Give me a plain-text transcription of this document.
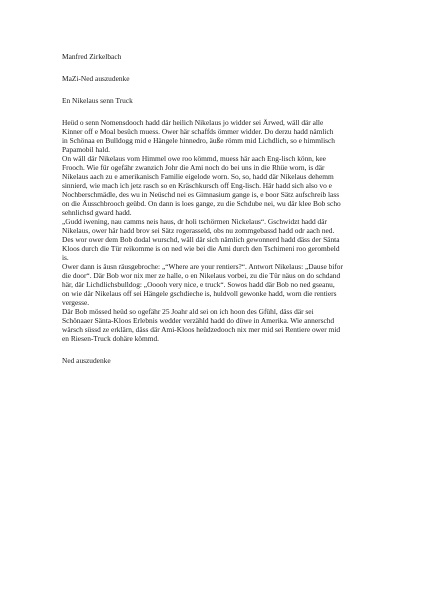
Manfred Zirkelbach

MaZi-Ned auszudenke

En Nikelaus senn Truck

Heüd o senn Nomensdooch hadd där heilich Nikelaus jo widder sei Ärwed, wäll där alle

Kinner off e Moal besüch muess. Ower här schaffds ömmer widder. Do derzu hadd nämlich

in Schönaa en Bulldogg mid e Hängele hinnedro, äuße römm mid Lichdlich, so e himmlisch

Papamobil hald.

On wäll där Nikelaus vom Himmel owe roo kömmd, muess här aach Eng-lisch könn, kee

Frooch. Wie für ogefähr zwanzich Johr die Ami noch do bei uns in die Rhüe worn, is där

Nikelaus aach zu e amerikanisch Familie eigelode worn. So, so, hadd där Nikelaus dehemm

sinnierd, wie mach ich jetz rasch so en Kräschkursch off Eng-lisch. Här hadd sich also vo e

Nochberschmädle, des wu in Neüschd nei es Gimnasium gange is, e boor Sätz aufschreib lass

on die Äusschbrooch geübd. On dann is loes gange, zu die Schdube nei, wu där klee Bob scho

sehnlichsd gward hadd.

„Gudd iwening, nau camms neis haus, dr holi tschörmen Nickelaus“. Gschwidzt hadd där

Nikelaus, ower här hadd brov sei Sätz rogerasseld, obs nu zommgebassd hadd odr aach ned.

Des wor ower dem Bob dodal wurschd, wäll där sich nämlich gewonnerd hadd däss der Sänta

Kloos durch die Tür reikomme is on ned wie bei die Ami durch den Tschimeni roo gerombeld

is.

Ower dann is äusn räusgebroche: „“Where are your rentiers?“. Antwort Nikelaus: „Dause bifor

die door“. Där Bob wor nix mer ze halle, o en Nikelaus vorbei, zu die Tür näus on do schdand

här, där Lichdlichsbulldog: „Ooooh very nice, e truck“. Sowos hadd där Bob no ned gseanu,

on wie där Nikelaus off sei Hängele gschdieche is, huldvoll gewonke hadd, worn die rentiers

vergesse.

Där Bob mössed heüd so ogefähr 25 Joahr ald sei on ich hoon des Gfühl, däss där sei

Schönaaer Sänta-Kloos Erlebnis wedder verzähld hadd do düwe in Amerika. Wie annerschd

wärsch süssd ze erklärn, däss där Ami-Kloos heüdzedooch nix mer mid sei Rentiere ower mid

en Riesen-Truck dohäre kömmd.

Ned auszudenke
